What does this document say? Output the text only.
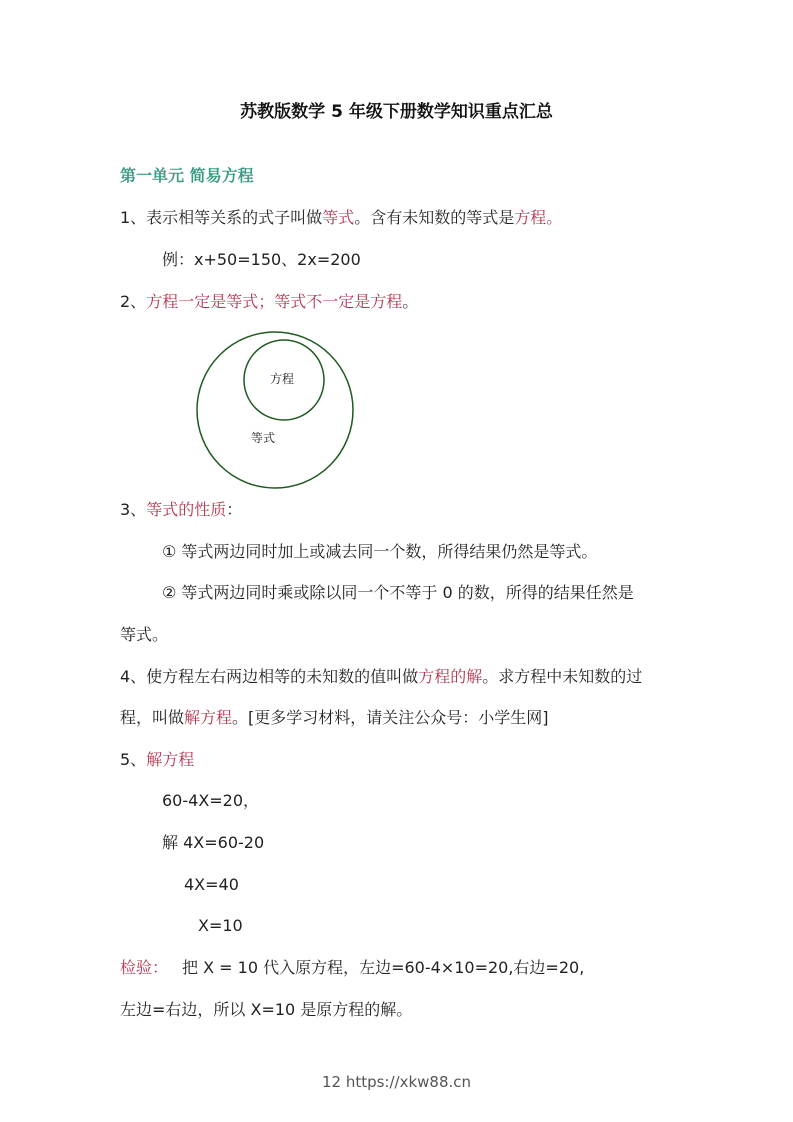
苏教版数学 5 年级下册数学知识重点汇总
第一单元 简易方程
1、表示相等关系的式子叫做等式。含有未知数的等式是方程。
例：x+50=150、2x=200
2、方程一定是等式；等式不一定是方程。
方程
等式
3、等式的性质：
① 等式两边同时加上或减去同一个数，所得结果仍然是等式。
② 等式两边同时乘或除以同一个不等于 0 的数，所得的结果任然是
等式。
4、使方程左右两边相等的未知数的值叫做方程的解。求方程中未知数的过
程，叫做解方程。[更多学习材料，请关注公众号：小学生网]
5、解方程
60-4X=20，
解 4X=60-20
4X=40
X=10
检验： 把 X = 10 代入原方程，左边=60-4×10=20,右边=20,
左边=右边，所以 X=10 是原方程的解。
12 https://xkw88.cn
